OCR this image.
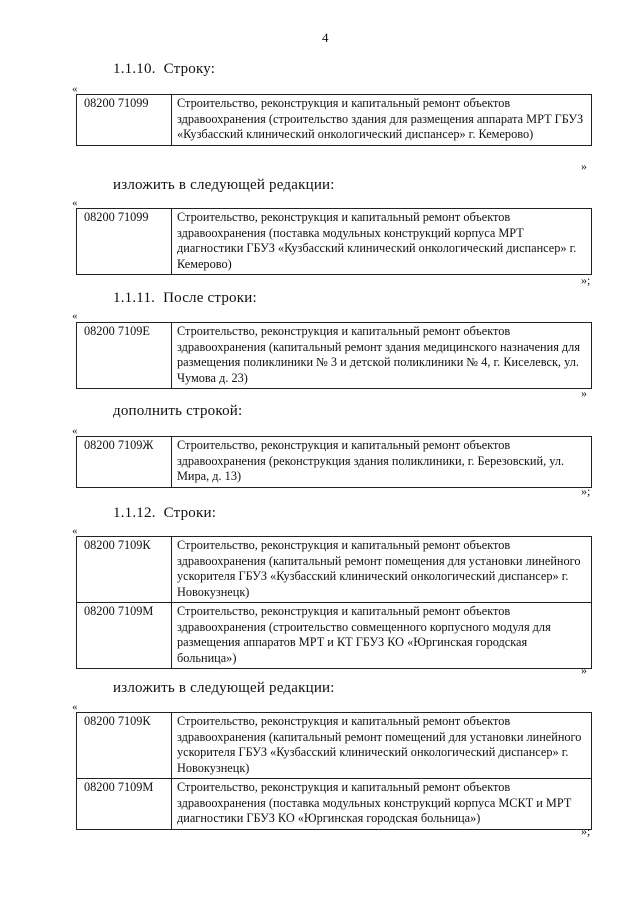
4
1.1.10. Строку:
«
08200 71099	Строительство, реконструкция и капитальный ремонт объектов здравоохранения (строительство здания для размещения аппарата МРТ ГБУЗ «Кузбасский клинический онкологический диспансер» г. Кемерово)
»
изложить в следующей редакции:
«
08200 71099	Строительство, реконструкция и капитальный ремонт объектов здравоохранения (поставка модульных конструкций корпуса МРТ диагностики ГБУЗ «Кузбасский клинический онкологический диспансер» г. Кемерово)
»;
1.1.11. После строки:
«
08200 7109Е	Строительство, реконструкция и капитальный ремонт объектов здравоохранения (капитальный ремонт здания медицинского назначения для размещения поликлиники № 3 и детской поликлиники № 4, г. Киселевск, ул. Чумова д. 23)
»
дополнить строкой:
«
08200 7109Ж	Строительство, реконструкция и капитальный ремонт объектов здравоохранения (реконструкция здания поликлиники, г. Березовский, ул. Мира, д. 13)
»;
1.1.12. Строки:
«
08200 7109К	Строительство, реконструкция и капитальный ремонт объектов здравоохранения (капитальный ремонт помещения для установки линейного ускорителя ГБУЗ «Кузбасский клинический онкологический диспансер» г. Новокузнецк)
08200 7109М	Строительство, реконструкция и капитальный ремонт объектов здравоохранения (строительство совмещенного корпусного модуля для размещения аппаратов МРТ и КТ ГБУЗ КО «Юргинская городская больница»)
»
изложить в следующей редакции:
«
08200 7109К	Строительство, реконструкция и капитальный ремонт объектов здравоохранения (капитальный ремонт помещений для установки линейного ускорителя ГБУЗ «Кузбасский клинический онкологический диспансер» г. Новокузнецк)
08200 7109М	Строительство, реконструкция и капитальный ремонт объектов здравоохранения (поставка модульных конструкций корпуса МСКТ и МРТ диагностики ГБУЗ КО «Юргинская городская больница»)
»;
